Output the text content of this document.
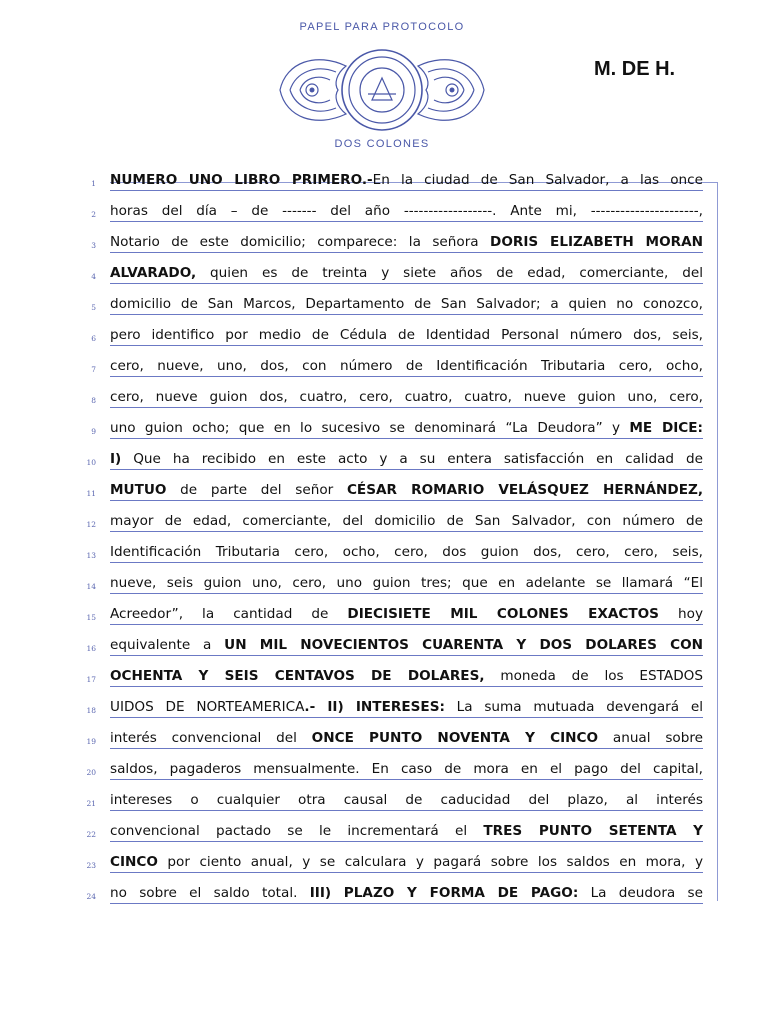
PAPEL PARA PROTOCOLO
DOS COLONES
M. DE H.
1 NUMERO UNO LIBRO PRIMERO.-En la ciudad de San Salvador, a las once
2 horas del día – de ------- del año ------------------. Ante mi, ----------------------,
3 Notario de este domicilio; comparece: la señora DORIS ELIZABETH MORAN
4 ALVARADO, quien es de treinta y siete años de edad, comerciante, del
5 domicilio de San Marcos, Departamento de San Salvador; a quien no conozco,
6 pero identifico por medio de Cédula de Identidad Personal número dos, seis,
7 cero, nueve, uno, dos, con número de Identificación Tributaria cero, ocho,
8 cero, nueve guion dos, cuatro, cero, cuatro, cuatro, nueve guion uno, cero,
9 uno guion ocho; que en lo sucesivo se denominará “La Deudora” y ME DICE:
10 I) Que ha recibido en este acto y a su entera satisfacción en calidad de
11 MUTUO de parte del señor CÉSAR ROMARIO VELÁSQUEZ HERNÁNDEZ,
12 mayor de edad, comerciante, del domicilio de San Salvador, con número de
13 Identificación Tributaria cero, ocho, cero, dos guion dos, cero, cero, seis,
14 nueve, seis guion uno, cero, uno guion tres; que en adelante se llamará “El
15 Acreedor”, la cantidad de DIECISIETE MIL COLONES EXACTOS hoy
16 equivalente a UN MIL NOVECIENTOS CUARENTA Y DOS DOLARES CON
17 OCHENTA Y SEIS CENTAVOS DE DOLARES, moneda de los ESTADOS
18 UIDOS DE NORTEAMERICA.- II) INTERESES: La suma mutuada devengará el
19 interés convencional del ONCE PUNTO NOVENTA Y CINCO anual sobre
20 saldos, pagaderos mensualmente. En caso de mora en el pago del capital,
21 intereses o cualquier otra causal de caducidad del plazo, al interés
22 convencional pactado se le incrementará el TRES PUNTO SETENTA Y
23 CINCO por ciento anual, y se calculara y pagará sobre los saldos en mora, y
24 no sobre el saldo total. III) PLAZO Y FORMA DE PAGO: La deudora se
